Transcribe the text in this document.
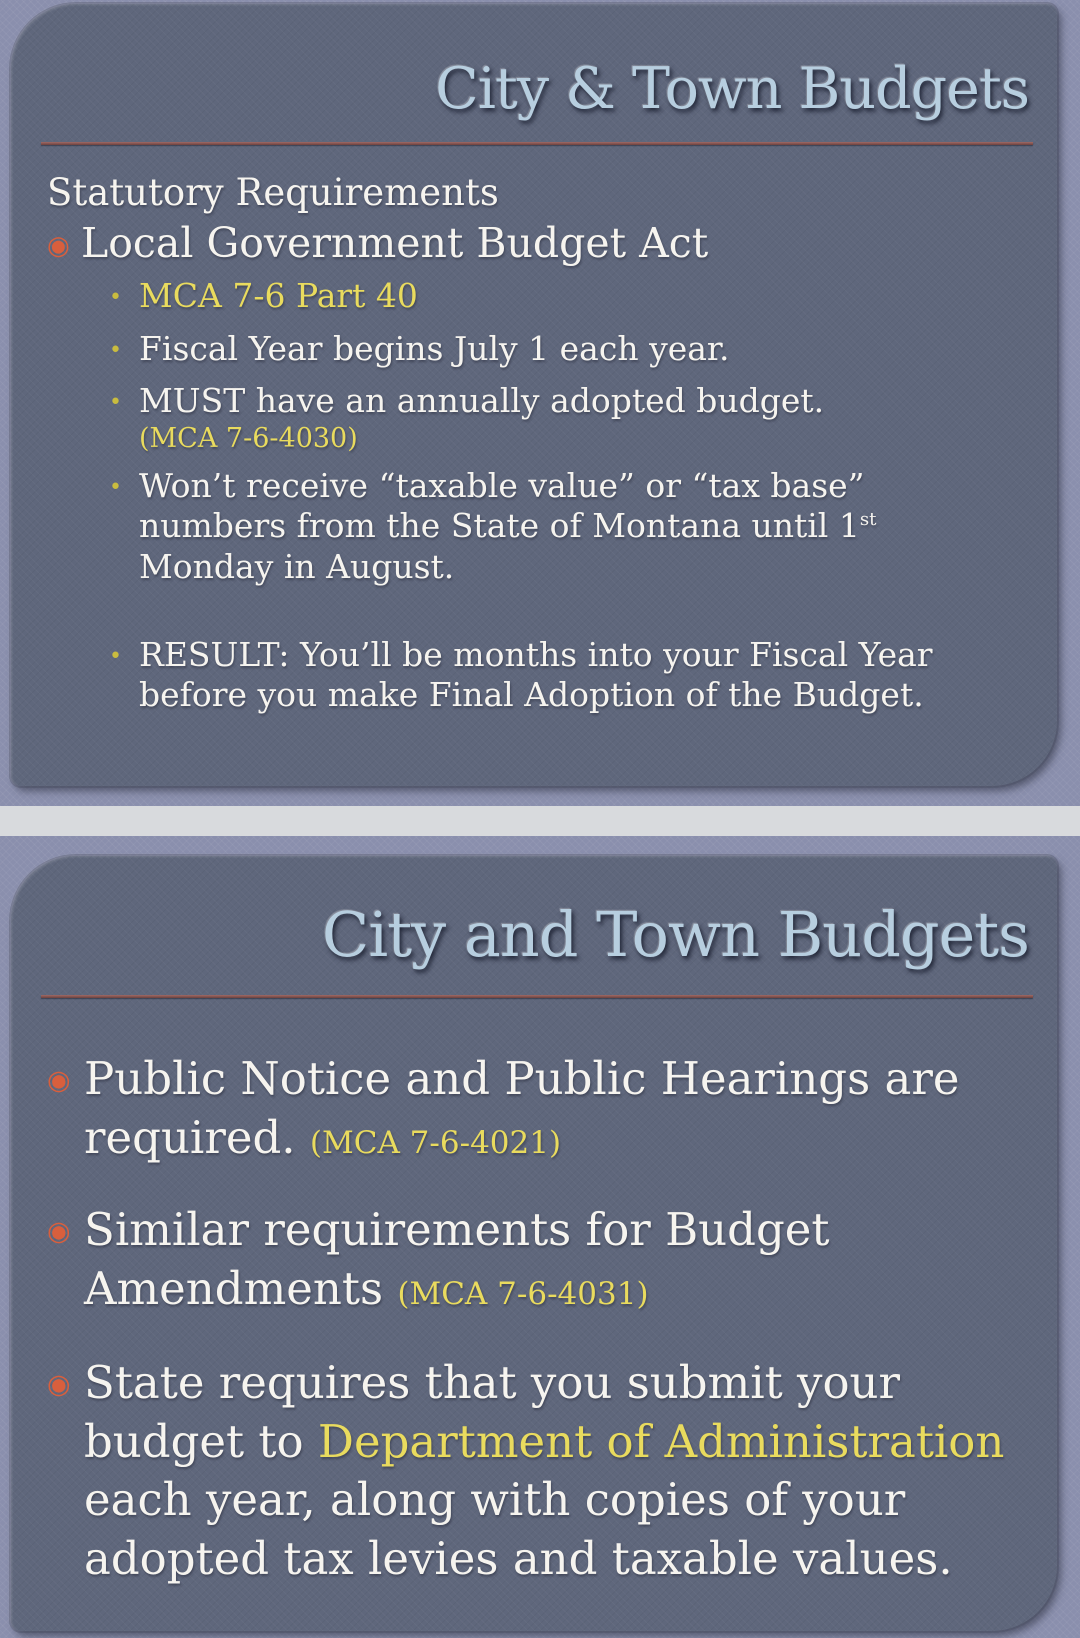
City & Town Budgets

Statutory Requirements

◉ Local Government Budget Act
• MCA 7-6 Part 40
• Fiscal Year begins July 1 each year.
• MUST have an annually adopted budget.
(MCA 7-6-4030)
• Won’t receive “taxable value” or “tax base” numbers from the State of Montana until 1st Monday in August.
• RESULT: You’ll be months into your Fiscal Year before you make Final Adoption of the Budget.
City and Town Budgets
◉ Public Notice and Public Hearings are required. (MCA 7-6-4021)
◉ Similar requirements for Budget Amendments (MCA 7-6-4031)
◉ State requires that you submit your budget to Department of Administration each year, along with copies of your adopted tax levies and taxable values.
